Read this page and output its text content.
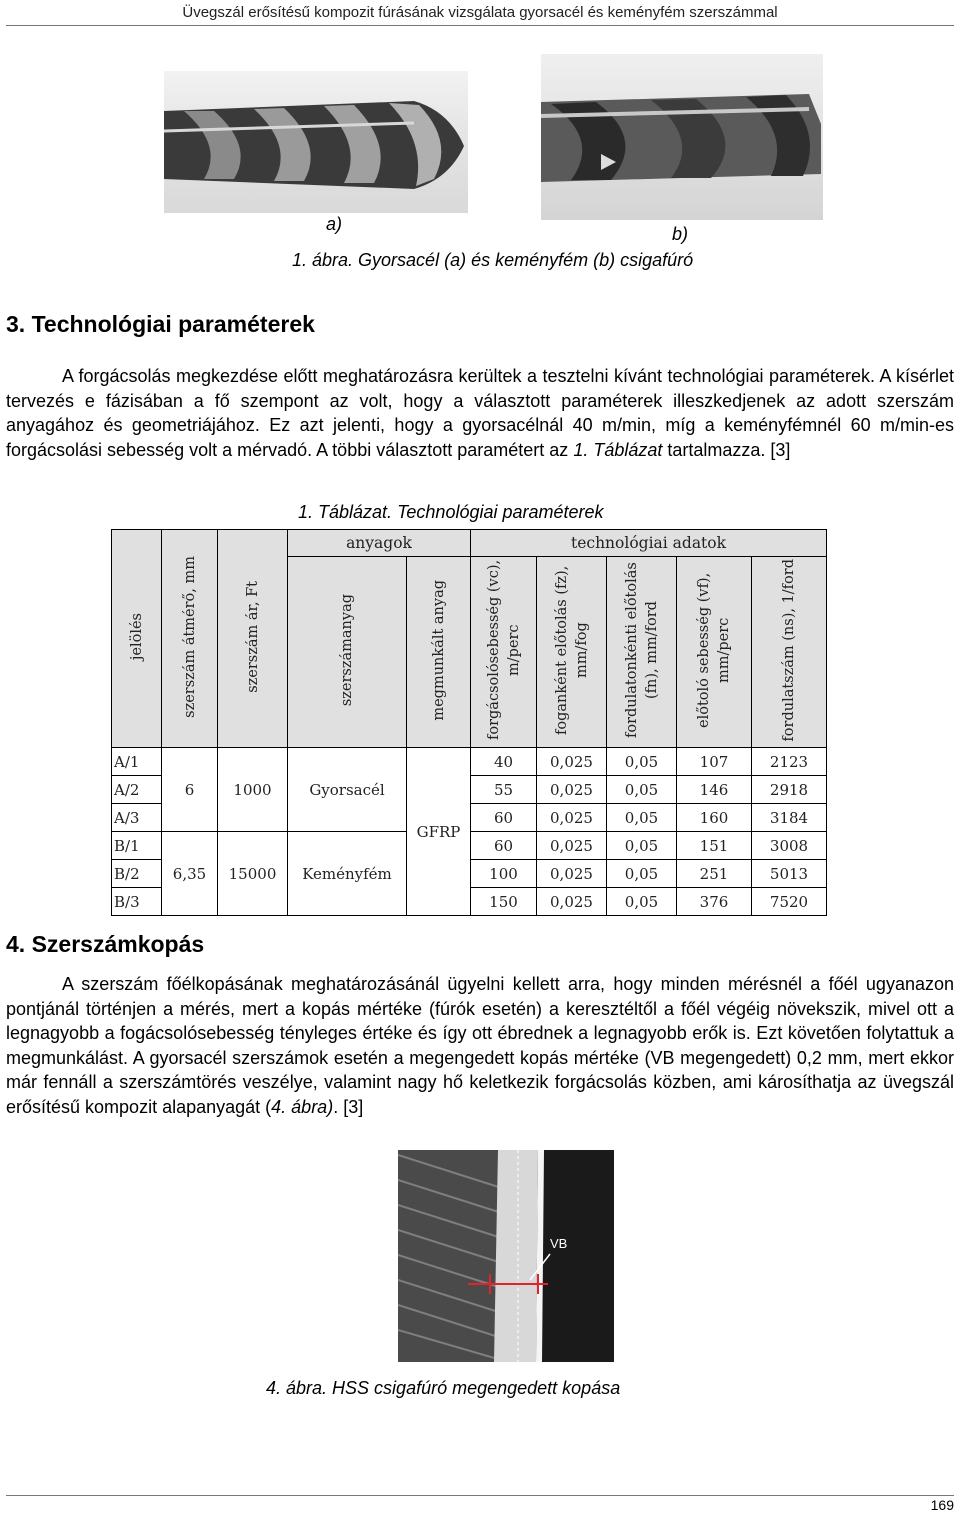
Üvegszál erősítésű kompozit fúrásának vizsgálata gyorsacél és keményfém szerszámmal
a)	b)
1. ábra. Gyorsacél (a) és keményfém (b) csigafúró
3. Technológiai paraméterek

A forgácsolás megkezdése előtt meghatározásra kerültek a tesztelni kívánt technológiai paraméterek. A kísérlet tervezés e fázisában a fő szempont az volt, hogy a választott paraméterek illeszkedjenek az adott szerszám anyagához és geometriájához. Ez azt jelenti, hogy a gyorsacélnál 40 m/min, míg a keményfémnél 60 m/min-es forgácsolási sebesség volt a mérvadó. A többi választott paramétert az 1. Táblázat tartalmazza. [3]

1. Táblázat. Technológiai paraméterek
jelölés	szerszám átmérő, mm	szerszám ár, Ft	anyagok		technológiai adatok				
			szerszámanyag	megmunkált anyag	forgácsolósebesség (vc), m/perc	foganként előtolás (fz), mm/fog	fordulatonkénti előtolás (fn), mm/ford	előtoló sebesség (vf), mm/perc	fordulatszám (ns), 1/ford
A/1	6	1000	Gyorsacél	GFRP	40	0,025	0,05	107	2123
A/2					55	0,025	0,05	146	2918
A/3					60	0,025	0,05	160	3184
B/1	6,35	15000	Keményfém		60	0,025	0,05	151	3008
B/2					100	0,025	0,05	251	5013
B/3					150	0,025	0,05	376	7520
4. Szerszámkopás

A szerszám főélkopásának meghatározásánál ügyelni kellett arra, hogy minden mérésnél a főél ugyanazon pontjánál történjen a mérés, mert a kopás mértéke (fúrók esetén) a keresztéltől a főél végéig növekszik, mivel ott a legnagyobb a fogácsolósebesség tényleges értéke és így ott ébrednek a legnagyobb erők is. Ezt követően folytattuk a megmunkálást. A gyorsacél szerszámok esetén a megengedett kopás mértéke (VB megengedett) 0,2 mm, mert ekkor már fennáll a szerszámtörés veszélye, valamint nagy hő keletkezik forgácsolás közben, ami károsíthatja az üvegszál erősítésű kompozit alapanyagát (4. ábra). [3]

VB
4. ábra. HSS csigafúró megengedett kopása
169
